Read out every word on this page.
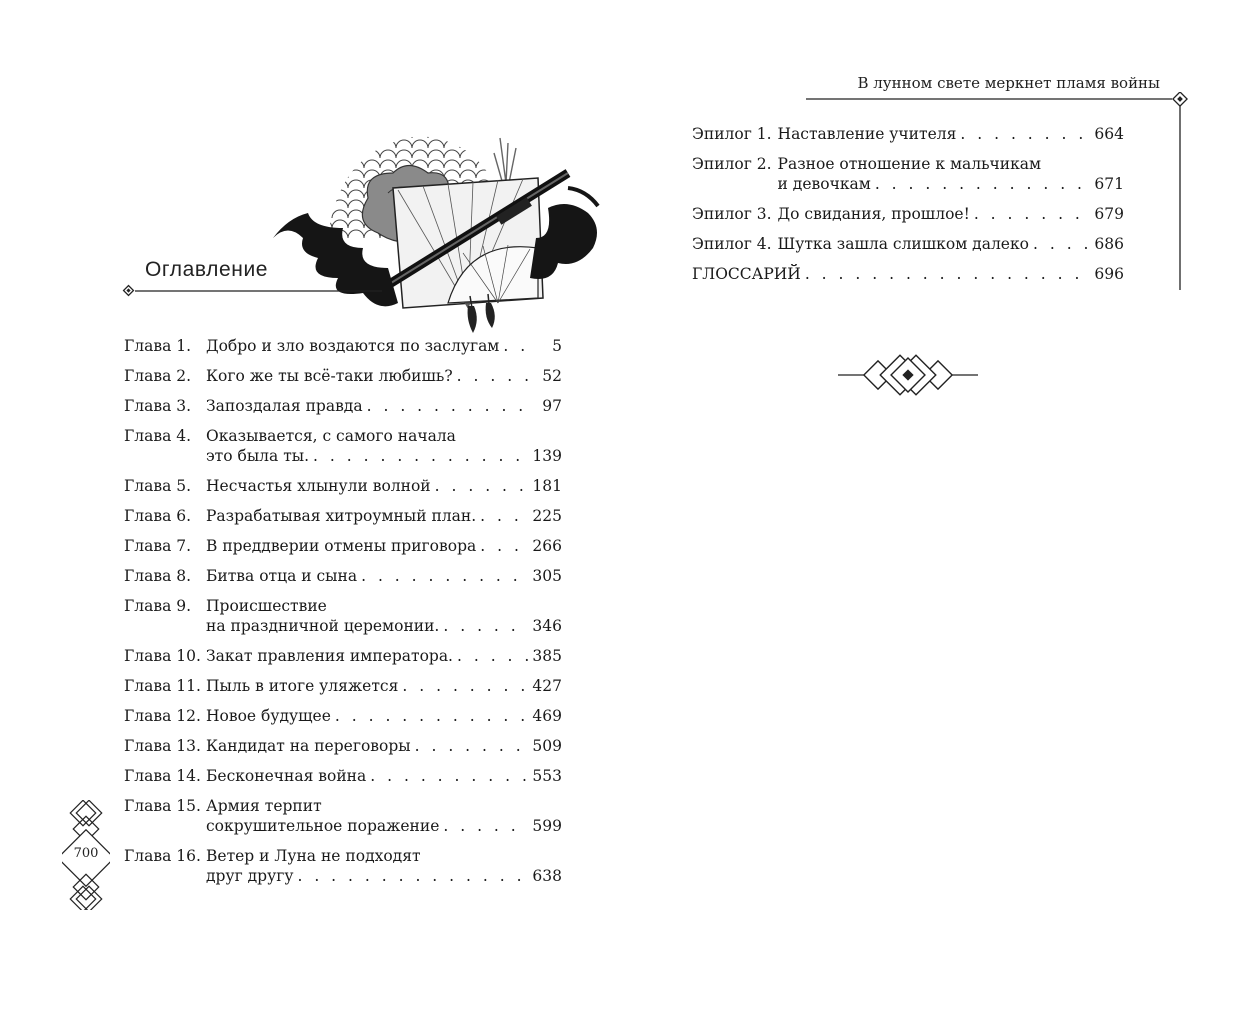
Оглавление
Глава 1. Добро и зло воздаются по заслугам . . .	5
Глава 2. Кого же ты всё-таки любишь? . . .	52
Глава 3. Запоздалая правда . . .	97
Глава 4. Оказывается, с самого начала
это была ты. . . .	139
Глава 5. Несчастья хлынули волной . . .	181
Глава 6. Разрабатывая хитроумный план. . . .	225
Глава 7. В преддверии отмены приговора . . .	266
Глава 8. Битва отца и сына . . .	305
Глава 9. Происшествие
на праздничной церемонии. . . .	346
Глава 10. Закат правления императора. . . .	385
Глава 11. Пыль в итоге уляжется . . .	427
Глава 12. Новое будущее . . .	469
Глава 13. Кандидат на переговоры . . .	509
Глава 14. Бесконечная война . . .	553
Глава 15. Армия терпит
сокрушительное поражение . . .	599
Глава 16. Ветер и Луна не подходят
друг другу . . .	638
700
В лунном свете меркнет пламя войны
Эпилог 1. Наставление учителя . . .	664
Эпилог 2. Разное отношение к мальчикам
и девочкам . . .	671
Эпилог 3. До свидания, прошлое! . . .	679
Эпилог 4. Шутка зашла слишком далеко . . .	686
ГЛОССАРИЙ . . .	696
